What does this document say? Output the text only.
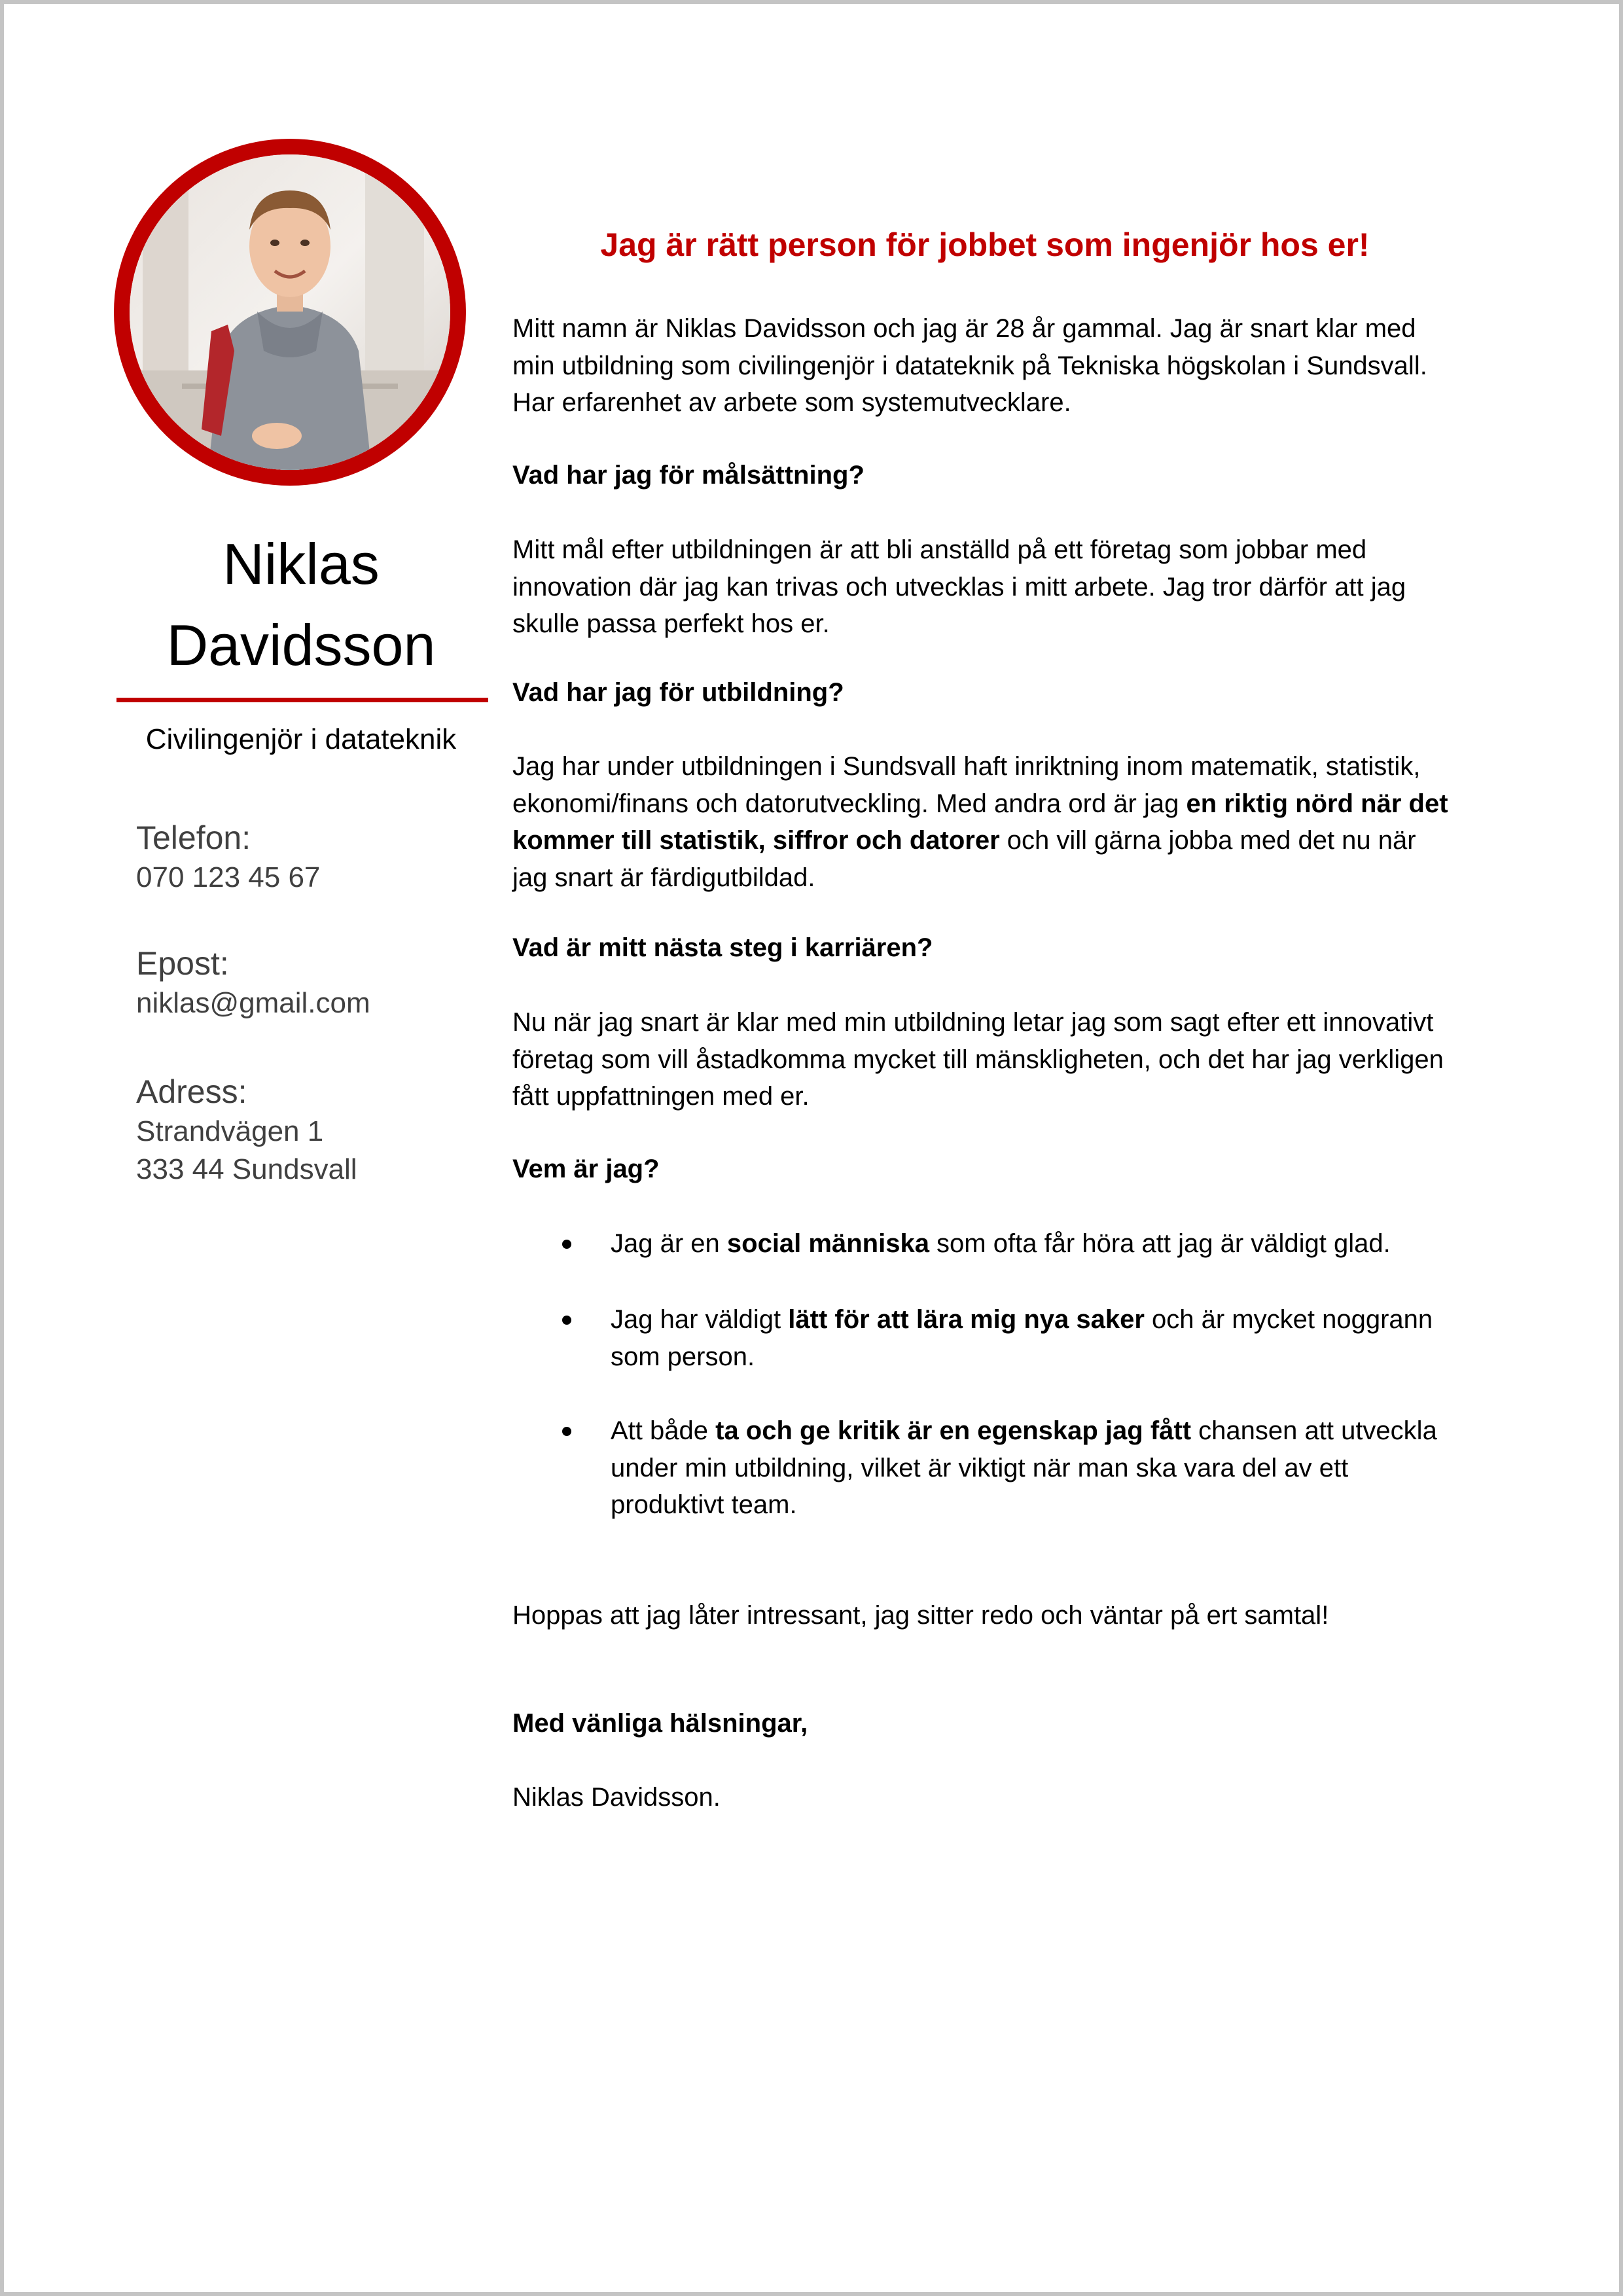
Niklas
Davidsson
Civilingenjör i datateknik
Telefon:
070 123 45 67
Epost:
niklas@gmail.com
Adress:
Strandvägen 1
333 44 Sundsvall
Jag är rätt person för jobbet som ingenjör hos er!
Mitt namn är Niklas Davidsson och jag är 28 år gammal. Jag är snart klar med min utbildning som civilingenjör i datateknik på Tekniska högskolan i Sundsvall. Har erfarenhet av arbete som systemutvecklare.
Vad har jag för målsättning?
Mitt mål efter utbildningen är att bli anställd på ett företag som jobbar med innovation där jag kan trivas och utvecklas i mitt arbete. Jag tror därför att jag skulle passa perfekt hos er.
Vad har jag för utbildning?
Jag har under utbildningen i Sundsvall haft inriktning inom matematik, statistik, ekonomi/finans och datorutveckling. Med andra ord är jag en riktig nörd när det kommer till statistik, siffror och datorer och vill gärna jobba med det nu när jag snart är färdigutbildad.
Vad är mitt nästa steg i karriären?
Nu när jag snart är klar med min utbildning letar jag som sagt efter ett innovativt företag som vill åstadkomma mycket till mänskligheten, och det har jag verkligen fått uppfattningen med er.
Vem är jag?
Jag är en social människa som ofta får höra att jag är väldigt glad.
Jag har väldigt lätt för att lära mig nya saker och är mycket noggrann som person.
Att både ta och ge kritik är en egenskap jag fått chansen att utveckla under min utbildning, vilket är viktigt när man ska vara del av ett produktivt team.
Hoppas att jag låter intressant, jag sitter redo och väntar på ert samtal!
Med vänliga hälsningar,
Niklas Davidsson.
